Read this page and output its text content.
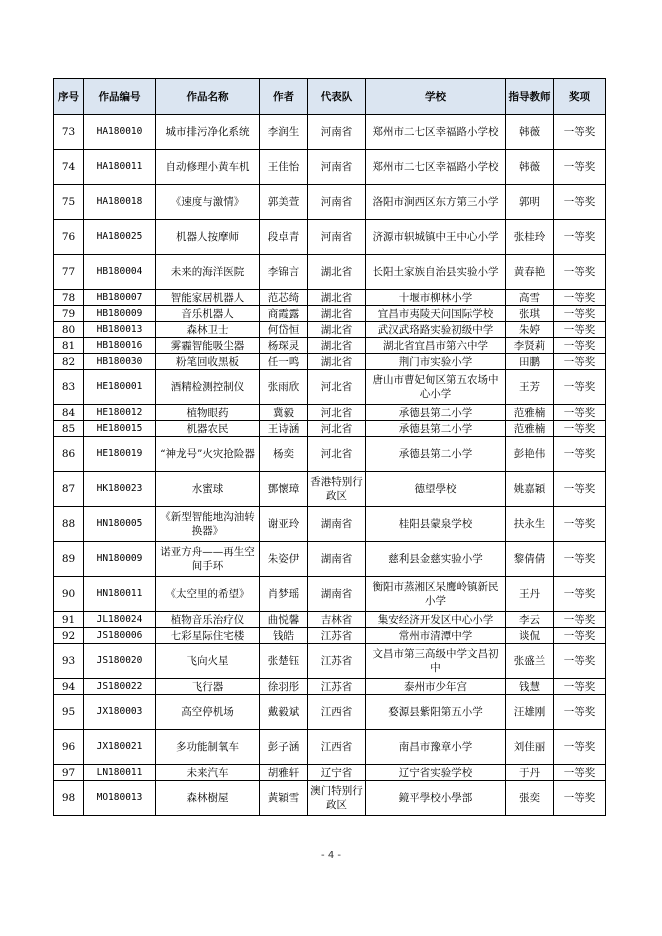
序号	作品编号	作品名称	作者	代表队	学校	指导教师	奖项
73	HA180010	城市排污净化系统	李润生	河南省	郑州市二七区幸福路小学校	韩薇	一等奖
74	HA180011	自动修理小黄车机	王佳怡	河南省	郑州市二七区幸福路小学校	韩薇	一等奖
75	HA180018	《速度与激情》	郭美萱	河南省	洛阳市涧西区东方第三小学	郭明	一等奖
76	HA180025	机器人按摩师	段卓青	河南省	济源市轵城镇中王中心小学	张桂玲	一等奖
77	HB180004	未来的海洋医院	李锦言	湖北省	长阳土家族自治县实验小学	黄春艳	一等奖
78	HB180007	智能家居机器人	范芯绮	湖北省	十堰市柳林小学	高雪	一等奖
79	HB180009	音乐机器人	商霞露	湖北省	宜昌市夷陵天问国际学校	张琪	一等奖
80	HB180013	森林卫士	何岱恒	湖北省	武汉武珞路实验初级中学	朱婷	一等奖
81	HB180016	雾霾智能吸尘器	杨琛灵	湖北省	湖北省宜昌市第六中学	李贤莉	一等奖
82	HB180030	粉笔回收黑板	任一鸣	湖北省	荆门市实验小学	田鹏	一等奖
83	HE180001	酒精检测控制仪	张雨欣	河北省	唐山市曹妃甸区第五农场中心小学	王芳	一等奖
84	HE180012	植物眼药	冀毅	河北省	承德县第二小学	范雅楠	一等奖
85	HE180015	机器农民	王诗涵	河北省	承德县第二小学	范雅楠	一等奖
86	HE180019	“神龙号”火灾抢险器	杨奕	河北省	承德县第二小学	彭艳伟	一等奖
87	HK180023	水蜜球	鄧懷璋	香港特别行政区	德望學校	姚嘉穎	一等奖
88	HN180005	《新型智能地沟油转换器》	谢亚玲	湖南省	桂阳县蒙泉学校	扶永生	一等奖
89	HN180009	诺亚方舟——再生空间手环	朱姿伊	湖南省	慈利县金慈实验小学	黎倩倩	一等奖
90	HN180011	《太空里的希望》	肖梦瑶	湖南省	衡阳市蒸湘区呆鹰岭镇新民小学	王丹	一等奖
91	JL180024	植物音乐治疗仪	曲悦馨	吉林省	集安经济开发区中心小学	李云	一等奖
92	JS180006	七彩星际住宅楼	钱皓	江苏省	常州市清潭中学	谈侃	一等奖
93	JS180020	飞向火星	张楚钰	江苏省	文昌市第三高级中学文昌初中	张盛兰	一等奖
94	JS180022	飞行器	徐羽彤	江苏省	泰州市少年宫	钱慧	一等奖
95	JX180003	高空停机场	戴毅斌	江西省	婺源县紫阳第五小学	汪雄刚	一等奖
96	JX180021	多功能制氧车	彭子涵	江西省	南昌市豫章小学	刘佳丽	一等奖
97	LN180011	未来汽车	胡雅轩	辽宁省	辽宁省实验学校	于丹	一等奖
98	MO180013	森林樹屋	黃穎雪	澳门特别行政区	鏡平學校小學部	張奕	一等奖
- 4 -
